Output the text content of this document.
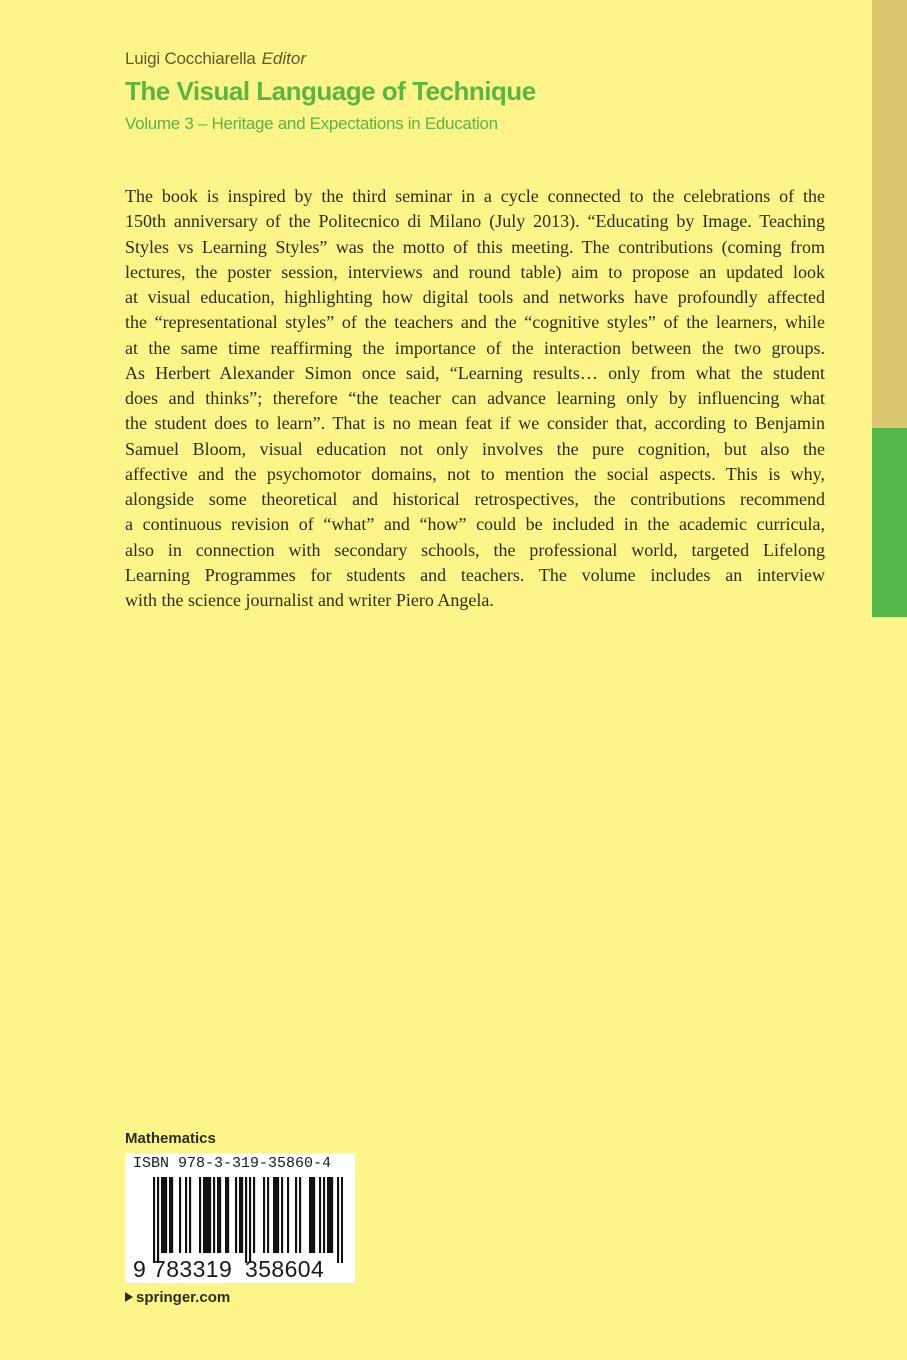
Luigi Cocchiarella Editor
The Visual Language of Technique
Volume 3 – Heritage and Expectations in Education
The book is inspired by the third seminar in a cycle connected to the celebrations of the
150th anniversary of the Politecnico di Milano (July 2013). “Educating by Image. Teaching
Styles vs Learning Styles” was the motto of this meeting. The contributions (coming from
lectures, the poster session, interviews and round table) aim to propose an updated look
at visual education, highlighting how digital tools and networks have profoundly affected
the “representational styles” of the teachers and the “cognitive styles” of the learners, while
at the same time reaffirming the importance of the interaction between the two groups.
As Herbert Alexander Simon once said, “Learning results… only from what the student
does and thinks”; therefore “the teacher can advance learning only by influencing what
the student does to learn”. That is no mean feat if we consider that, according to Benjamin
Samuel Bloom, visual education not only involves the pure cognition, but also the
affective and the psychomotor domains, not to mention the social aspects. This is why,
alongside some theoretical and historical retrospectives, the contributions recommend
a continuous revision of “what” and “how” could be included in the academic curricula,
also in connection with secondary schools, the professional world, targeted Lifelong
Learning Programmes for students and teachers. The volume includes an interview
with the science journalist and writer Piero Angela.
Mathematics
ISBN 978-3-319-35860-4
9 783319 358604
springer.com
